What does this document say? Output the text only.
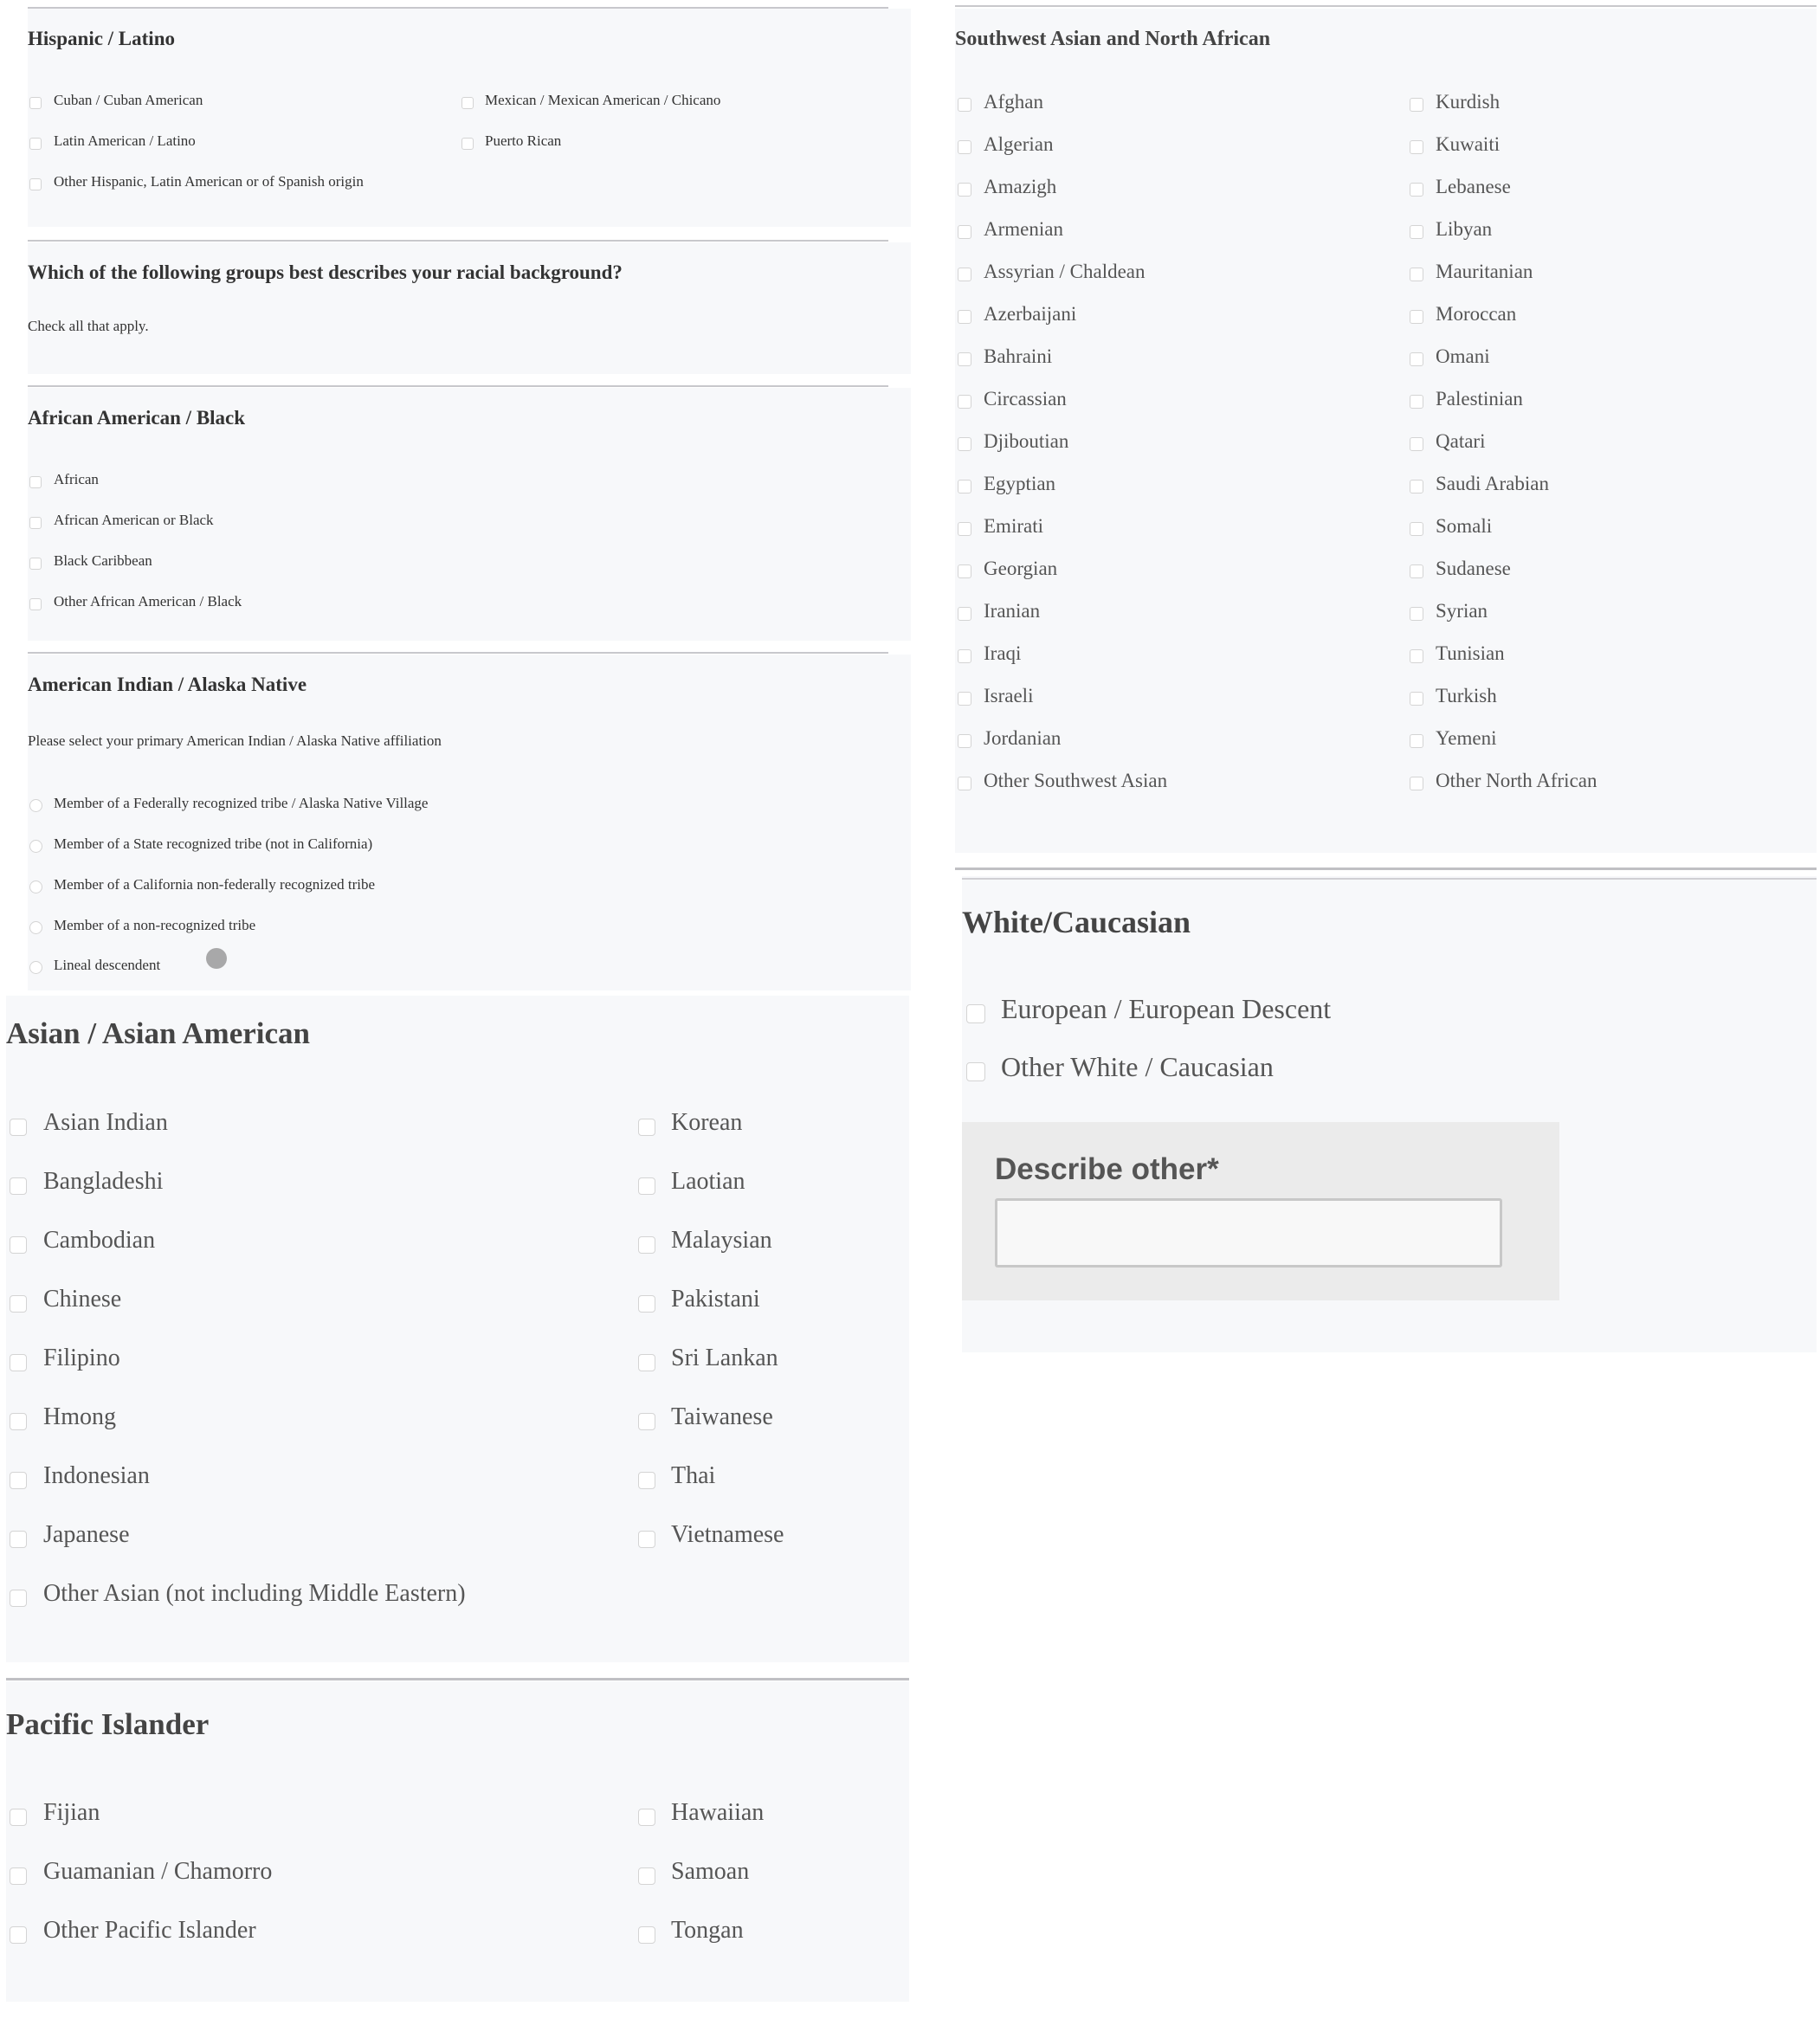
Hispanic / Latino
Cuban / Cuban American	Mexican / Mexican American / Chicano
Latin American / Latino	Puerto Rican
Other Hispanic, Latin American or of Spanish origin
Which of the following groups best describes your racial background?
Check all that apply.
African American / Black
African
African American or Black
Black Caribbean
Other African American / Black
American Indian / Alaska Native
Please select your primary American Indian / Alaska Native affiliation
Member of a Federally recognized tribe / Alaska Native Village
Member of a State recognized tribe (not in California)
Member of a California non-federally recognized tribe
Member of a non-recognized tribe
Lineal descendent
Asian / Asian American
Asian Indian
Bangladeshi
Cambodian
Chinese
Filipino
Hmong
Indonesian
Japanese
Other Asian (not including Middle Eastern)
Korean
Laotian
Malaysian
Pakistani
Sri Lankan
Taiwanese
Thai
Vietnamese
Pacific Islander
Fijian
Guamanian / Chamorro
Other Pacific Islander
Hawaiian
Samoan
Tongan
Southwest Asian and North African
Afghan
Algerian
Amazigh
Armenian
Assyrian / Chaldean
Azerbaijani
Bahraini
Circassian
Djiboutian
Egyptian
Emirati
Georgian
Iranian
Iraqi
Israeli
Jordanian
Other Southwest Asian
Kurdish
Kuwaiti
Lebanese
Libyan
Mauritanian
Moroccan
Omani
Palestinian
Qatari
Saudi Arabian
Somali
Sudanese
Syrian
Tunisian
Turkish
Yemeni
Other North African
White/Caucasian
European / European Descent
Other White / Caucasian
Describe other*
